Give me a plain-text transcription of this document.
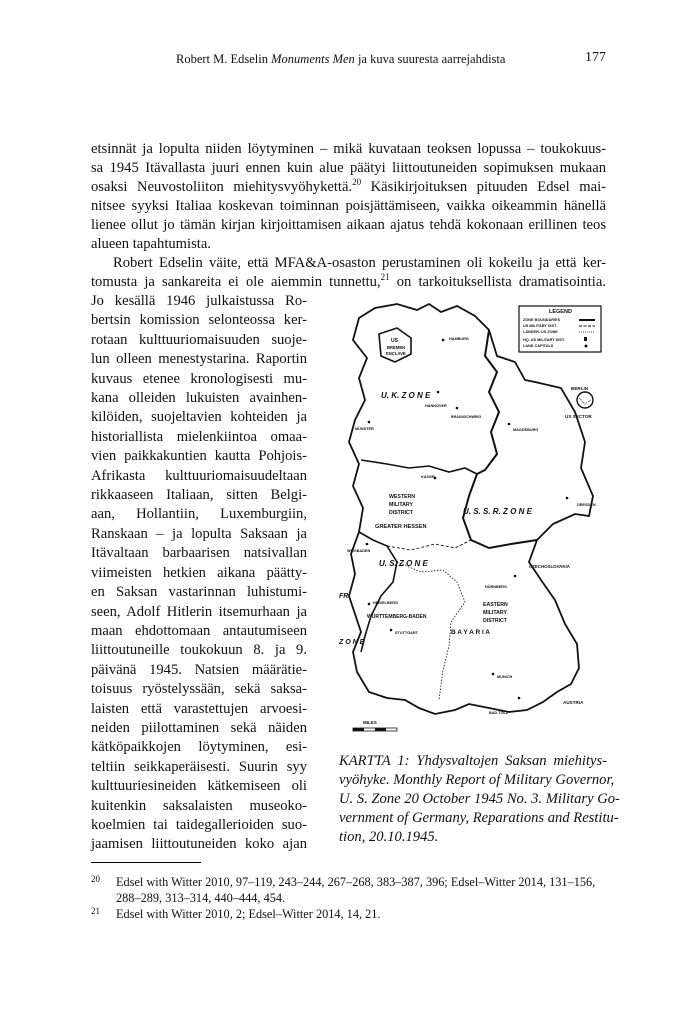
Robert M. Edselin Monuments Men ja kuva suuresta aarrejahdista	177
etsinnät ja lopulta niiden löytyminen – mikä kuvataan teoksen lopussa – toukokuus-
sa 1945 Itävallasta juuri ennen kuin alue päätyi liittoutuneiden sopimuksen mukaan
osaksi Neuvostoliiton miehitysvyöhykettä.$^{20}$ Käsikirjoituksen pituuden Edsel mai-
nitsee syyksi Italiaa koskevan toiminnan poisjättämiseen, vaikka oikeammin hänellä
lienee ollut jo tämän kirjan kirjoittamisen aikaan ajatus tehdä kokonaan erillinen teos
alueen tapahtumista.
Robert Edselin väite, että MFA&A-osaston perustaminen oli kokeilu ja että ker-
tomusta ja sankareita ei ole aiemmin tunnettu,$^{21}$ on tarkoituksellista dramatisointia.
Jo kesällä 1946 julkaistussa Ro-
bertsin komission selonteossa ker-
rotaan kulttuuriomaisuuden suoje-
lun olleen menestystarina. Raportin
kuvaus etenee kronologisesti mu-
kana olleiden lukuisten avainhen-
kilöiden, suojeltavien kohteiden ja
historiallista mielenkiintoa omaa-
vien paikkakuntien kautta Pohjois-
Afrikasta kulttuuriomaisuudeltaan
rikkaaseen Italiaan, sitten Belgi-
aan, Hollantiin, Luxemburgiin,
Ranskaan – ja lopulta Saksaan ja
Itävaltaan barbaarisen natsivallan
viimeisten hetkien aikana päätty-
en Saksan vastarinnan luhistumi-
seen, Adolf Hitlerin itsemurhaan ja
maan ehdottomaan antautumiseen
liittoutuneille toukokuun 8. ja 9.
päivänä 1945. Natsien määrätie-
toisuus ryöstelyssään, sekä saksa-
laisten että varastettujen arvoesi-
neiden piilottaminen sekä näiden
kätköpaikkojen löytyminen, esi-
teltiin seikkaperäisesti. Suurin syy
kulttuuriesineiden kätkemiseen oli
kuitenkin saksalaisten museoko-
koelmien tai taidegallerioiden suo-
jaamisen liittoutuneiden koko ajan
LEGEND
ZONE BOUNDARIES
US MILITARY DIST.
LÄNDER, US ZONE
HQ. US MILITARY DIST.
LAND CAPITALS
MILES
HAMBURG
US
BREMEN
ENCLAVE
U. K. Z O N E
HANNOVER
BRAUNSCHWEIG
MÜNSTER	MAGDEBURG
BERLIN
US SECTOR
KASSEL
WESTERN
MILITARY
DISTRICT
GREATER HESSEN
DRESDEN
U. S. S. R. Z O N E
WIESBADEN
U. S. Z O N E	CZECHOSLOVAKIA
FR.
HEIDELBERG
NÜRNBERG
WÜRTTEMBERG-BADEN
EASTERN
MILITARY
DISTRICT
STUTTGART	B A Y A R I A
Z O N E
MUNICH
BAD TÖLZ
AUSTRIA
KARTTA 1: Yhdysvaltojen Saksan miehitys-
vyöhyke. Monthly Report of Military Governor,
U. S. Zone 20 October 1945 No. 3. Military Go-
vernment of Germany, Reparations and Restitu-
tion, 20.10.1945.
20 Edsel with Witter 2010, 97–119, 243–244, 267–268, 383–387, 396; Edsel–Witter 2014, 131–156,
288–289, 313–314, 440–444, 454.
21 Edsel with Witter 2010, 2; Edsel–Witter 2014, 14, 21.
